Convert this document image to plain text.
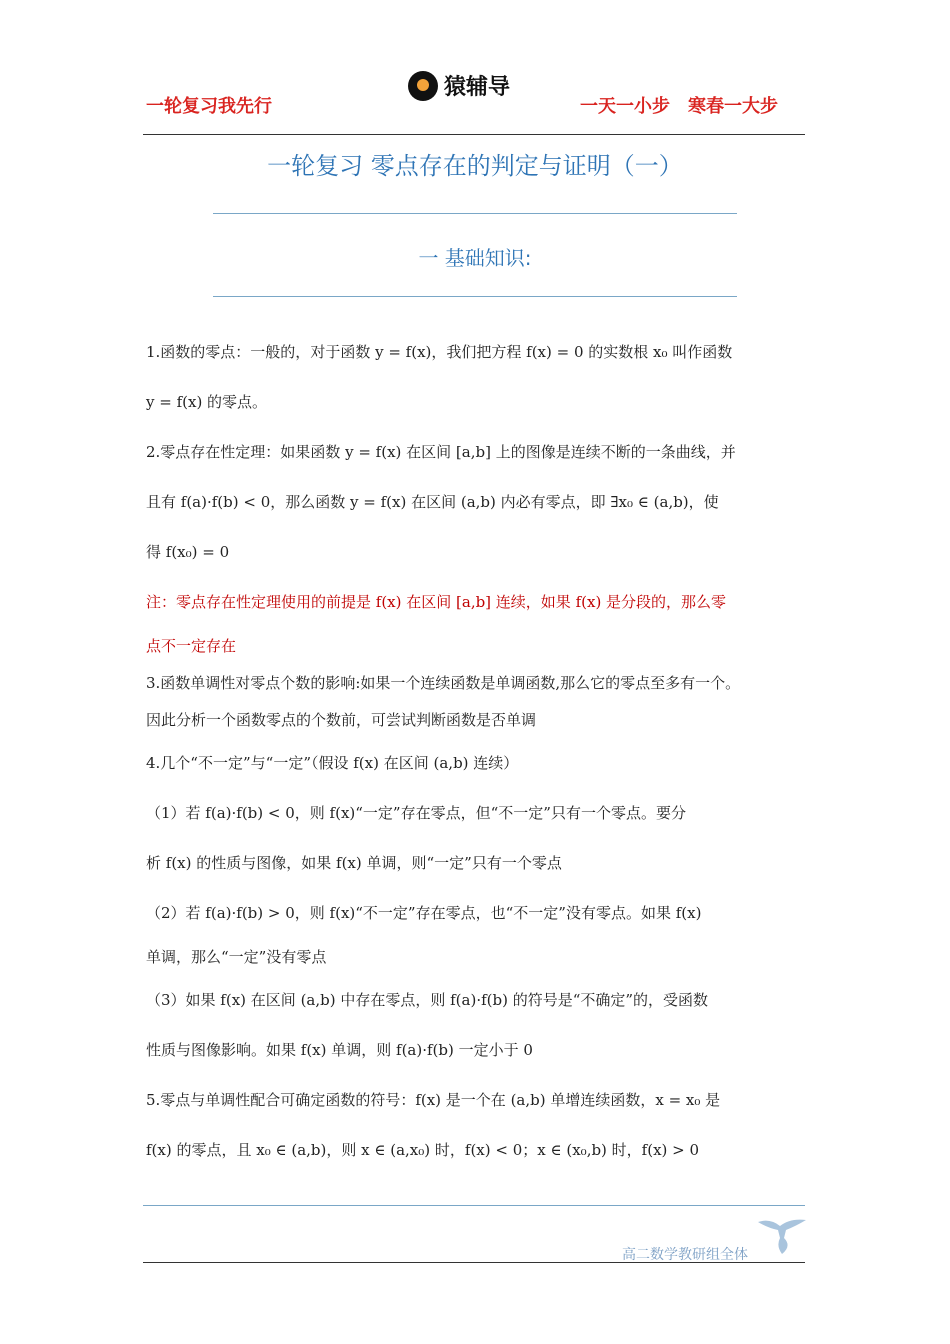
一轮复习我先行
猿辅导
一天一小步　寒春一大步
一轮复习 零点存在的判定与证明（一）
一 基础知识:
1.函数的零点：一般的，对于函数 y = f(x)，我们把方程 f(x) = 0 的实数根 x₀ 叫作函数
y = f(x) 的零点。
2.零点存在性定理：如果函数 y = f(x) 在区间 [a,b] 上的图像是连续不断的一条曲线，并
且有 f(a)·f(b) < 0，那么函数 y = f(x) 在区间 (a,b) 内必有零点，即 ∃x₀ ∈ (a,b)，使
得 f(x₀) = 0
注：零点存在性定理使用的前提是 f(x) 在区间 [a,b] 连续，如果 f(x) 是分段的，那么零
点不一定存在
3.函数单调性对零点个数的影响:如果一个连续函数是单调函数,那么它的零点至多有一个。
因此分析一个函数零点的个数前，可尝试判断函数是否单调
4.几个“不一定”与“一定”（假设 f(x) 在区间 (a,b) 连续）
（1）若 f(a)·f(b) < 0，则 f(x)“一定”存在零点，但“不一定”只有一个零点。要分
析 f(x) 的性质与图像，如果 f(x) 单调，则“一定”只有一个零点
（2）若 f(a)·f(b) > 0，则 f(x)“不一定”存在零点，也“不一定”没有零点。如果 f(x)
单调，那么“一定”没有零点
（3）如果 f(x) 在区间 (a,b) 中存在零点，则 f(a)·f(b) 的符号是“不确定”的，受函数
性质与图像影响。如果 f(x) 单调，则 f(a)·f(b) 一定小于 0
5.零点与单调性配合可确定函数的符号：f(x) 是一个在 (a,b) 单增连续函数，x = x₀ 是
f(x) 的零点，且 x₀ ∈ (a,b)，则 x ∈ (a,x₀) 时，f(x) < 0；x ∈ (x₀,b) 时，f(x) > 0
高二数学教研组全体
